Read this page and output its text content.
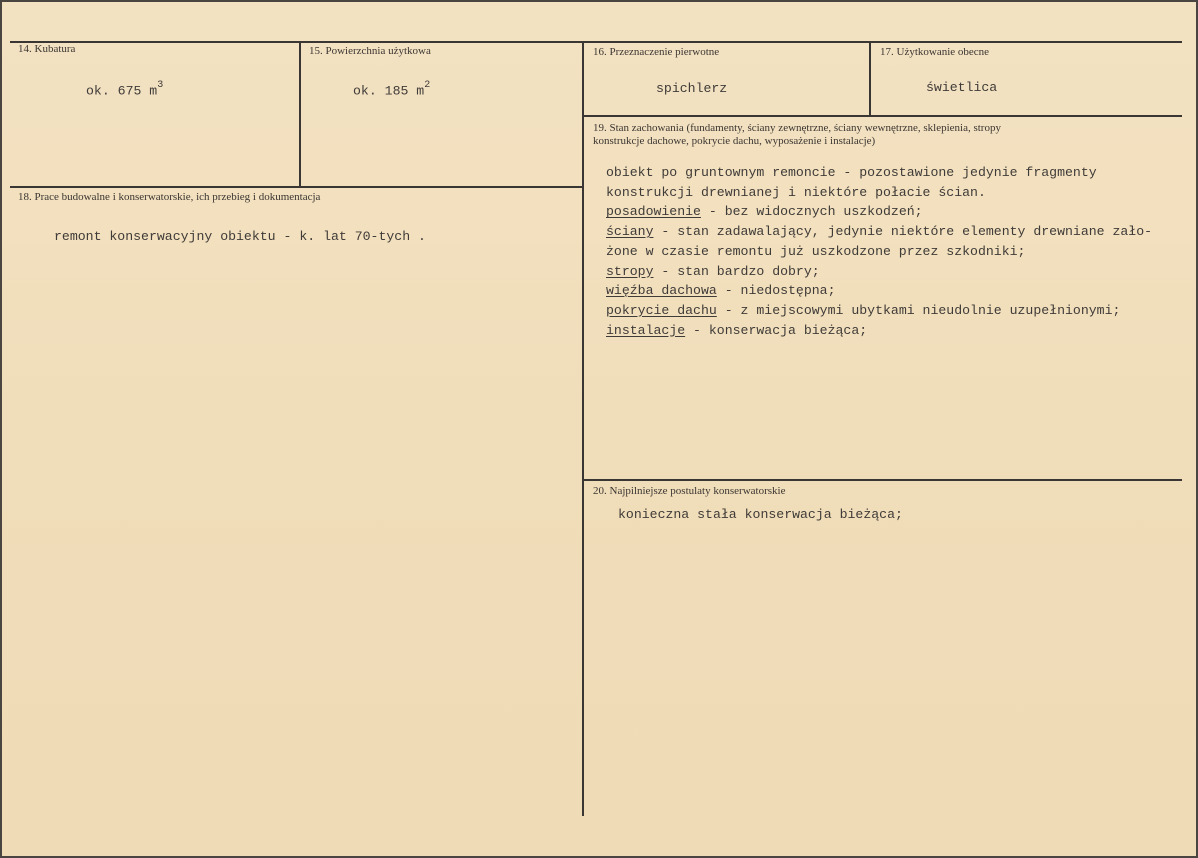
14. Kubatura
ok. 675 $m^3$
15. Powierzchnia użytkowa
ok. 185 $m^2$
16. Przeznaczenie pierwotne
spichlerz
17. Użytkowanie obecne
świetlica
18. Prace budowalne i konserwatorskie, ich przebieg i dokumentacja
remont konserwacyjny obiektu - k. lat 70-tych .
19. Stan zachowania (fundamenty, ściany zewnętrzne, ściany wewnętrzne, sklepienia, stropy
konstrukcje dachowe, pokrycie dachu, wyposażenie i instalacje)
obiekt po gruntownym remoncie - pozostawione jedynie fragmenty
konstrukcji drewnianej i niektóre połacie ścian.
posadowienie - bez widocznych uszkodzeń;
ściany - stan zadawalający, jedynie niektóre elementy drewniane zało-
żone w czasie remontu już uszkodzone przez szkodniki;
stropy - stan bardzo dobry;
więźba dachowa - niedostępna;
pokrycie dachu - z miejscowymi ubytkami nieudolnie uzupełnionymi;
instalacje - konserwacja bieżąca;
20. Najpilniejsze postulaty konserwatorskie
konieczna stała konserwacja bieżąca;
